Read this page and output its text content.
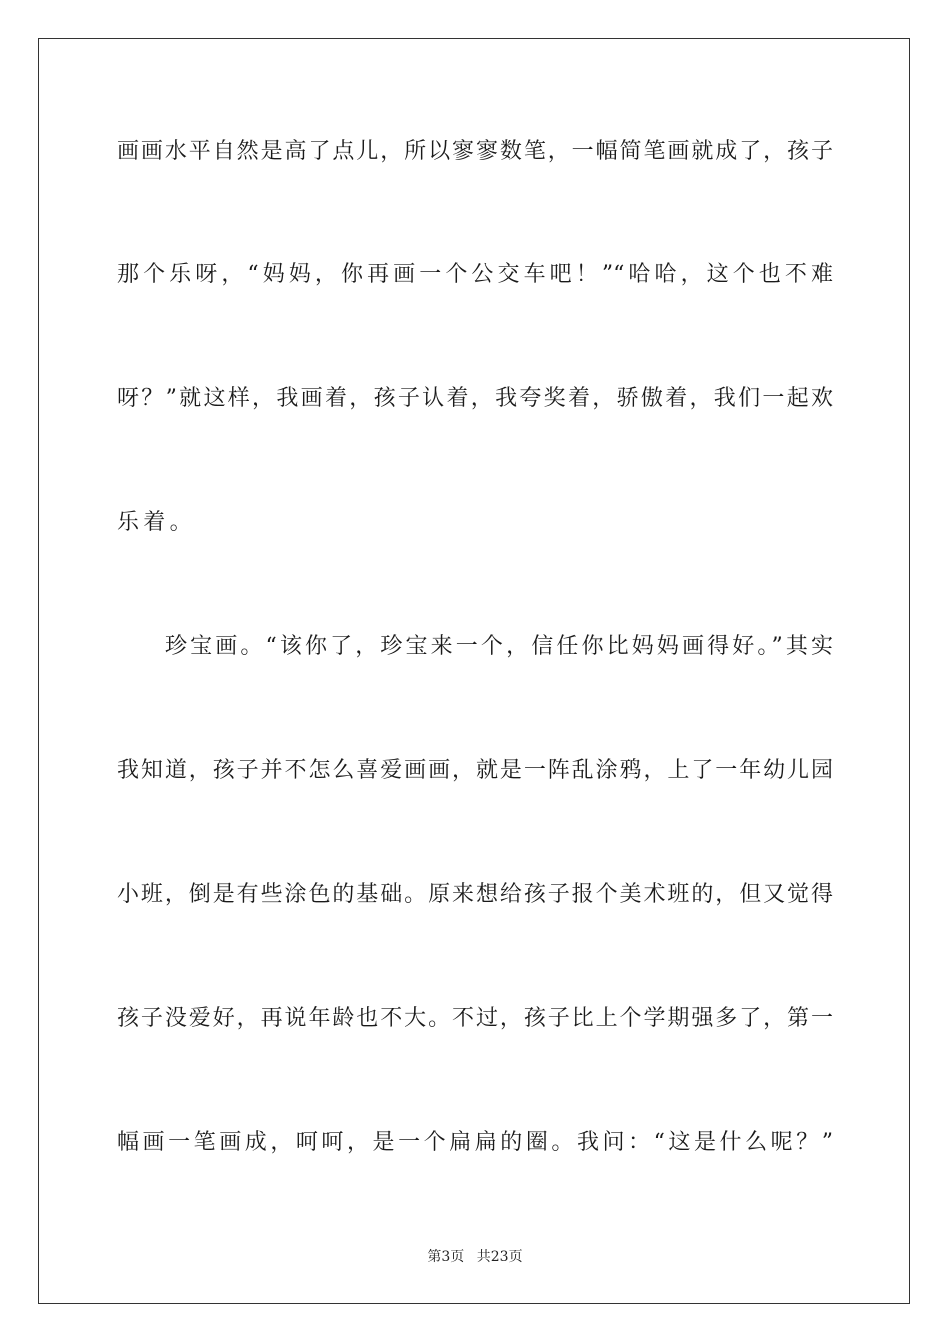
画画水平自然是高了点儿，所以寥寥数笔，一幅简笔画就成了，孩子
那个乐呀，“妈妈，你再画一个公交车吧！”“哈哈，这个也不难
呀？”就这样，我画着，孩子认着，我夸奖着，骄傲着，我们一起欢
乐着。
珍宝画。“该你了，珍宝来一个，信任你比妈妈画得好。”其实
我知道，孩子并不怎么喜爱画画，就是一阵乱涂鸦，上了一年幼儿园
小班，倒是有些涂色的基础。原来想给孩子报个美术班的，但又觉得
孩子没爱好，再说年龄也不大。不过，孩子比上个学期强多了，第一
幅画一笔画成，呵呵，是一个扁扁的圈。我问：“这是什么呢？”
第3页 共23页
